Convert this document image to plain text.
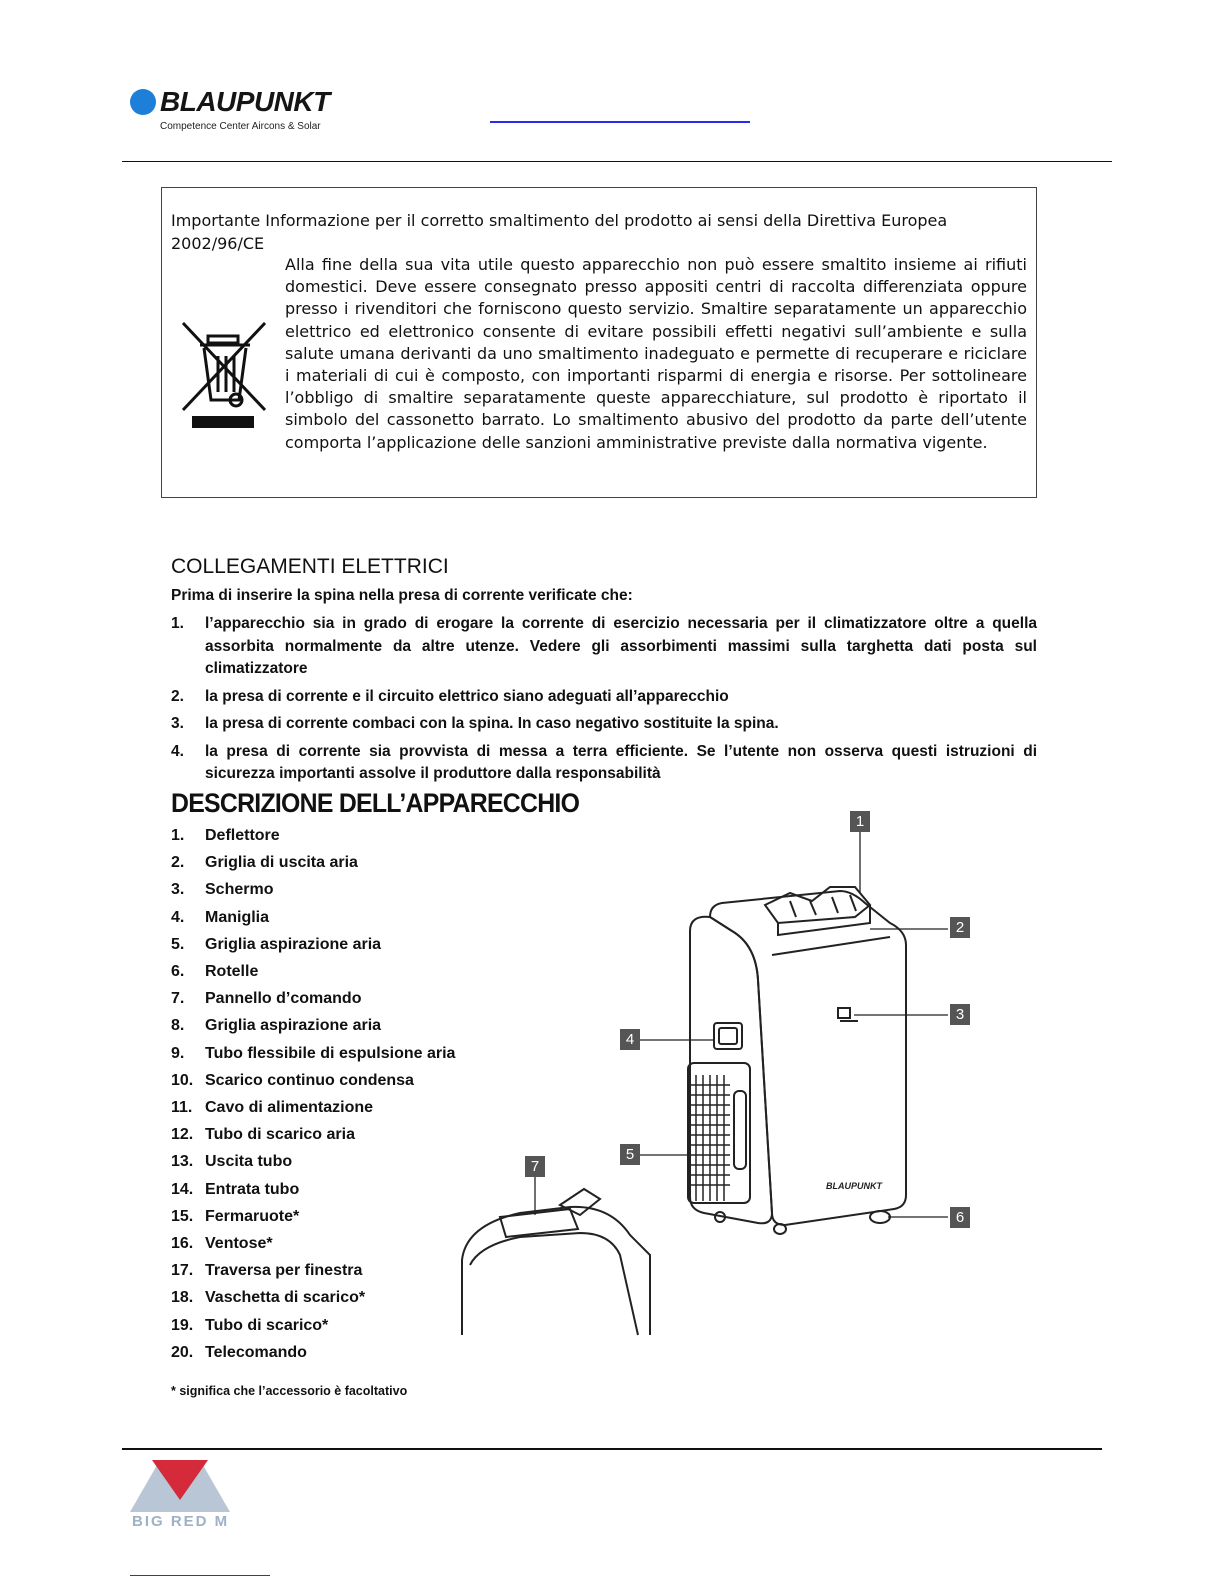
BLAUPUNKT
Competence Center Aircons & Solar
Importante Informazione per il corretto smaltimento del prodotto ai sensi della Direttiva Europea 2002/96/CE
Alla fine della sua vita utile questo apparecchio non può essere smaltito insieme ai rifiuti domestici. Deve essere consegnato presso appositi centri di raccolta differenziata oppure presso i rivenditori che forniscono questo servizio. Smaltire separatamente un apparecchio elettrico ed elettronico consente di evitare possibili effetti negativi sull’ambiente e sulla salute umana derivanti da uno smaltimento inadeguato e permette di recuperare e riciclare i materiali di cui è composto, con importanti risparmi di energia e risorse. Per sottolineare l’obbligo di smaltire separatamente queste apparecchiature, sul prodotto è riportato il simbolo del cassonetto barrato. Lo smaltimento abusivo del prodotto da parte dell’utente comporta l’applicazione delle sanzioni amministrative previste dalla normativa vigente.
COLLEGAMENTI ELETTRICI
Prima di inserire la spina nella presa di corrente verificate che:
1. l’apparecchio sia in grado di erogare la corrente di esercizio necessaria per il climatizzatore oltre a quella assorbita normalmente da altre utenze. Vedere gli assorbimenti massimi sulla targhetta dati posta sul climatizzatore
2. la presa di corrente e il circuito elettrico siano adeguati all’apparecchio
3. la presa di corrente combaci con la spina. In caso negativo sostituite la spina.
4. la presa di corrente sia provvista di messa a terra efficiente. Se l’utente non osserva questi istruzioni di sicurezza importanti assolve il produttore dalla responsabilità
DESCRIZIONE DELL’APPARECCHIO
1. Deflettore
2. Griglia di uscita aria
3. Schermo
4. Maniglia
5. Griglia aspirazione aria
6. Rotelle
7. Pannello d’comando
8. Griglia aspirazione aria
9. Tubo flessibile di espulsione aria
10. Scarico continuo condensa
11. Cavo di alimentazione
12. Tubo di scarico aria
13. Uscita tubo
14. Entrata tubo
15. Fermaruote*
16. Ventose*
17. Traversa per finestra
18. Vaschetta di scarico*
19. Tubo di scarico*
20. Telecomando
* significa che l’accessorio è facoltativo
BLAUPUNKT
1
2
3
4
5
6
7
BIG RED M
